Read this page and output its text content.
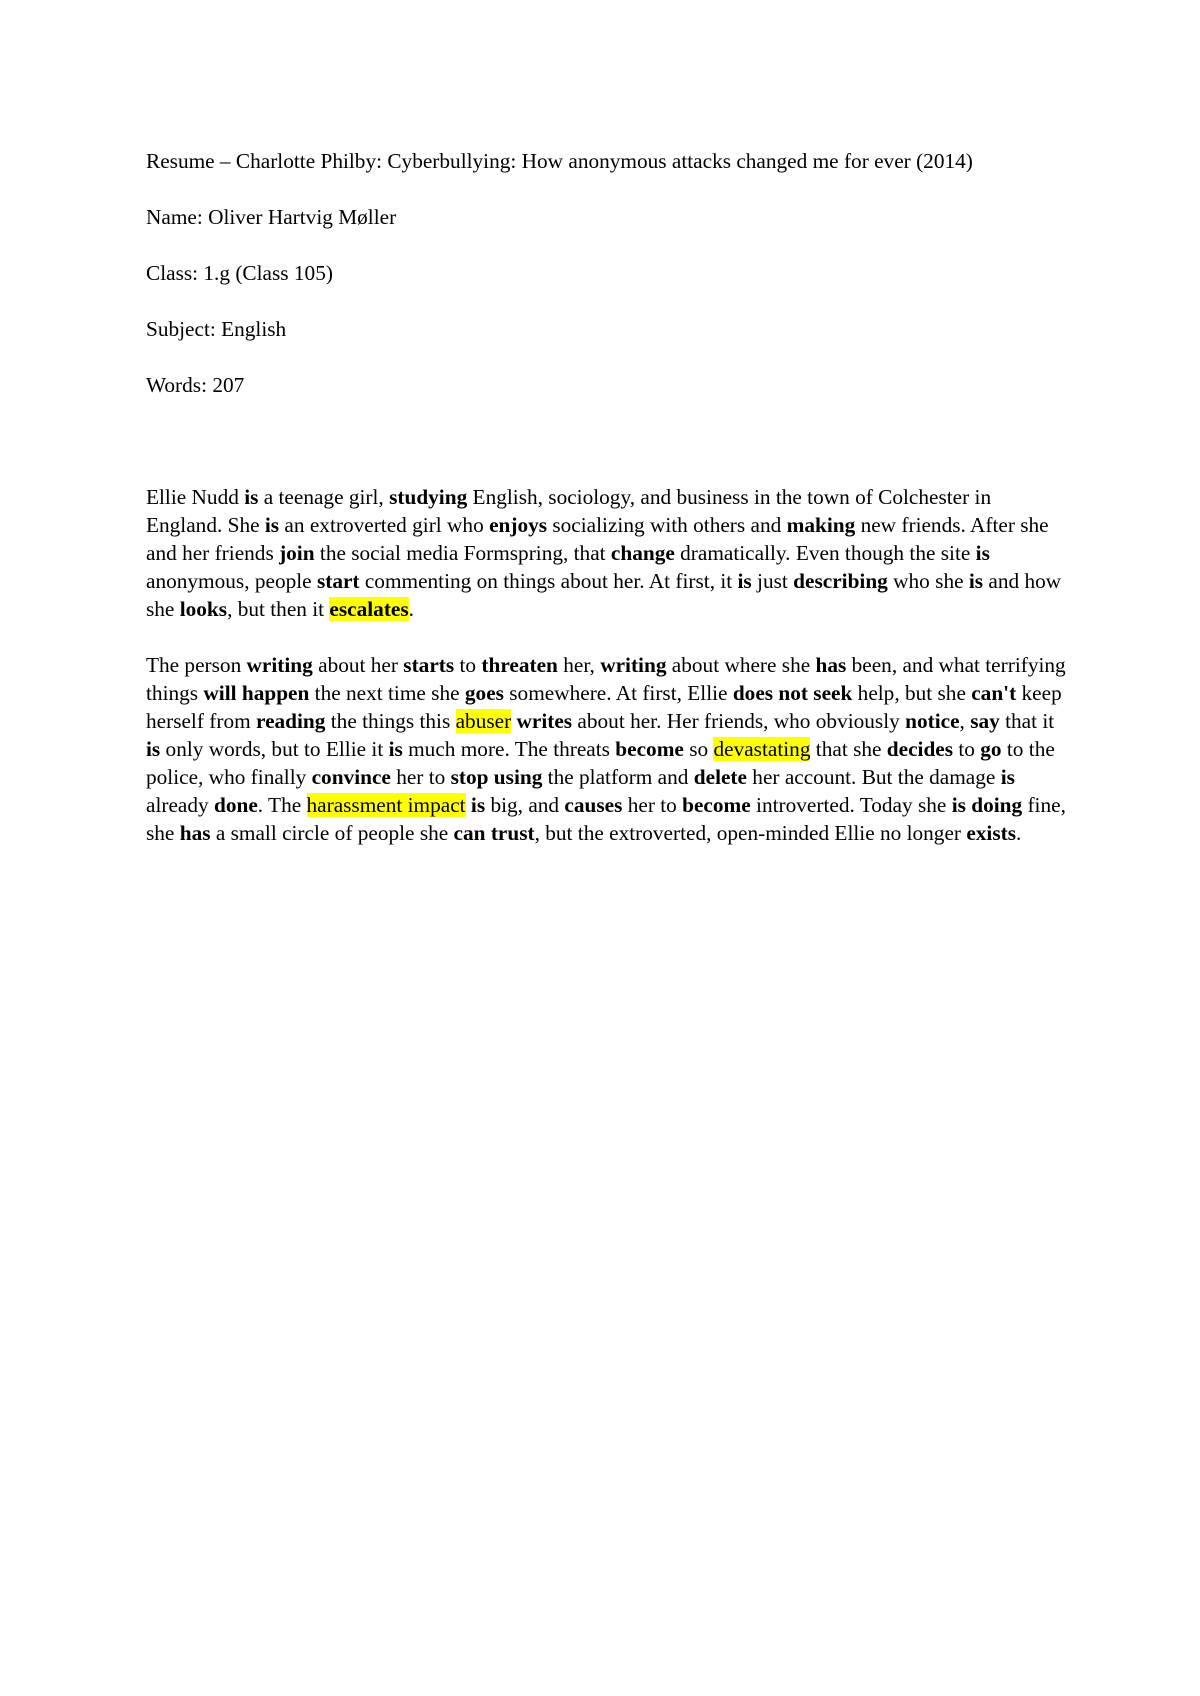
Resume – Charlotte Philby: Cyberbullying: How anonymous attacks changed me for ever (2014)

Name: Oliver Hartvig Møller

Class: 1.g (Class 105)

Subject: English

Words: 207

Ellie Nudd is a teenage girl, studying English, sociology, and business in the town of Colchester in England. She is an extroverted girl who enjoys socializing with others and making new friends. After she and her friends join the social media Formspring, that change dramatically. Even though the site is anonymous, people start commenting on things about her. At first, it is just describing who she is and how she looks, but then it escalates.

The person writing about her starts to threaten her, writing about where she has been, and what terrifying things will happen the next time she goes somewhere. At first, Ellie does not seek help, but she can't keep herself from reading the things this abuser writes about her. Her friends, who obviously notice, say that it is only words, but to Ellie it is much more. The threats become so devastating that she decides to go to the police, who finally convince her to stop using the platform and delete her account. But the damage is already done. The harassment impact is big, and causes her to become introverted. Today she is doing fine, she has a small circle of people she can trust, but the extroverted, open-minded Ellie no longer exists.
